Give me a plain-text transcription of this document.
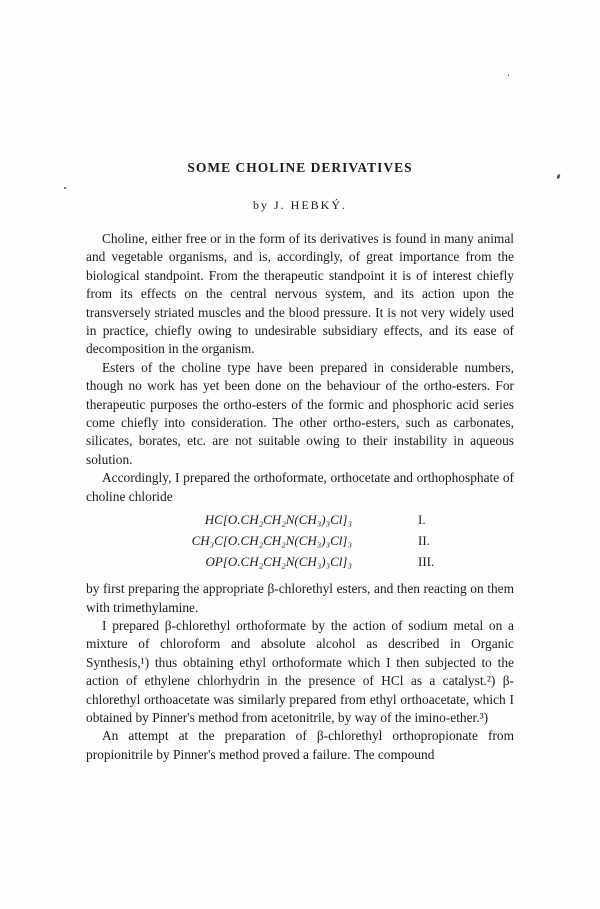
SOME CHOLINE DERIVATIVES
by J. HEBKÝ.

Choline, either free or in the form of its derivatives is found in many animal and vegetable organisms, and is, accordingly, of great importance from the biological standpoint. From the therapeutic standpoint it is of interest chiefly from its effects on the central nervous system, and its action upon the transversely striated muscles and the blood pressure. It is not very widely used in practice, chiefly owing to undesirable subsidiary effects, and its ease of decomposition in the organism.

Esters of the choline type have been prepared in considerable numbers, though no work has yet been done on the behaviour of the ortho-esters. For therapeutic purposes the ortho-esters of the formic and phosphoric acid series come chiefly into consideration. The other ortho-esters, such as carbonates, silicates, borates, etc. are not suitable owing to their instability in aqueous solution.

Accordingly, I prepared the orthoformate, orthocetate and orthophosphate of choline chloride

HC[O.CH₂CH₂N(CH₃)₃Cl]₃	I.
CH₃C[O.CH₂CH₂N(CH₃)₃Cl]₃	II.
OP[O.CH₂CH₂N(CH₃)₃Cl]₃	III.

by first preparing the appropriate β-chlorethyl esters, and then reacting on them with trimethylamine.

I prepared β-chlorethyl orthoformate by the action of sodium metal on a mixture of chloroform and absolute alcohol as described in Organic Synthesis,¹) thus obtaining ethyl orthoformate which I then subjected to the action of ethylene chlorhydrin in the presence of HCl as a catalyst.²) β-chlorethyl orthoacetate was similarly prepared from ethyl orthoacetate, which I obtained by Pinner's method from acetonitrile, by way of the imino-ether.³)

An attempt at the preparation of β-chlorethyl orthopropionate from propionitrile by Pinner's method proved a failure. The compound
